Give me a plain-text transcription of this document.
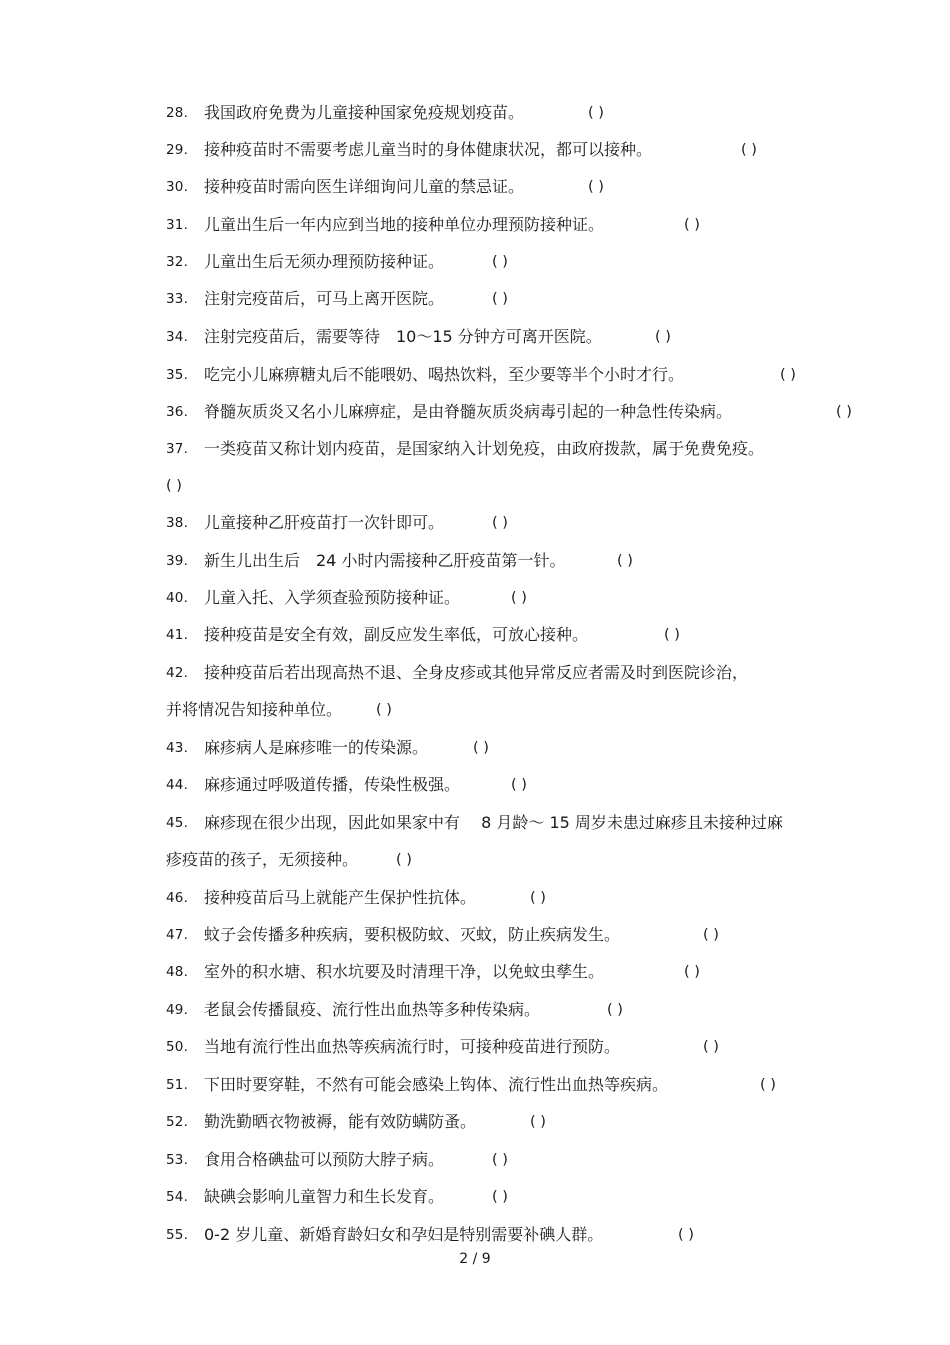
28. 我国政府免费为儿童接种国家免疫规划疫苗。	( )
29. 接种疫苗时不需要考虑儿童当时的身体健康状况，都可以接种。	( )
30. 接种疫苗时需向医生详细询问儿童的禁忌证。	( )
31. 儿童出生后一年内应到当地的接种单位办理预防接种证。	( )
32. 儿童出生后无须办理预防接种证。	( )
33. 注射完疫苗后，可马上离开医院。	( )
34. 注射完疫苗后，需要等待　10～15 分钟方可离开医院。	( )
35. 吃完小儿麻痹糖丸后不能喂奶、喝热饮料，至少要等半个小时才行。	( )
36. 脊髓灰质炎又名小儿麻痹症，是由脊髓灰质炎病毒引起的一种急性传染病。	( )
37. 一类疫苗又称计划内疫苗，是国家纳入计划免疫，由政府拨款，属于免费免疫。
( )
38. 儿童接种乙肝疫苗打一次针即可。	( )
39. 新生儿出生后　24 小时内需接种乙肝疫苗第一针。	( )
40. 儿童入托、入学须查验预防接种证。	( )
41. 接种疫苗是安全有效，副反应发生率低，可放心接种。	( )
42. 接种疫苗后若出现高热不退、全身皮疹或其他异常反应者需及时到医院诊治，
并将情况告知接种单位。 ( )
43. 麻疹病人是麻疹唯一的传染源。	( )
44. 麻疹通过呼吸道传播，传染性极强。	( )
45. 麻疹现在很少出现，因此如果家中有　 8 月龄～ 15 周岁未患过麻疹且未接种过麻
疹疫苗的孩子，无须接种。	( )
46. 接种疫苗后马上就能产生保护性抗体。	( )
47. 蚊子会传播多种疾病，要积极防蚊、灭蚊，防止疾病发生。	( )
48. 室外的积水塘、积水坑要及时清理干净，以免蚊虫孳生。	( )
49. 老鼠会传播鼠疫、流行性出血热等多种传染病。	( )
50. 当地有流行性出血热等疾病流行时，可接种疫苗进行预防。	( )
51. 下田时要穿鞋，不然有可能会感染上钩体、流行性出血热等疾病。	( )
52. 勤洗勤晒衣物被褥，能有效防螨防蚤。	( )
53. 食用合格碘盐可以预防大脖子病。	( )
54. 缺碘会影响儿童智力和生长发育。	( )
55. 0-2 岁儿童、新婚育龄妇女和孕妇是特别需要补碘人群。	( )
2 / 9
